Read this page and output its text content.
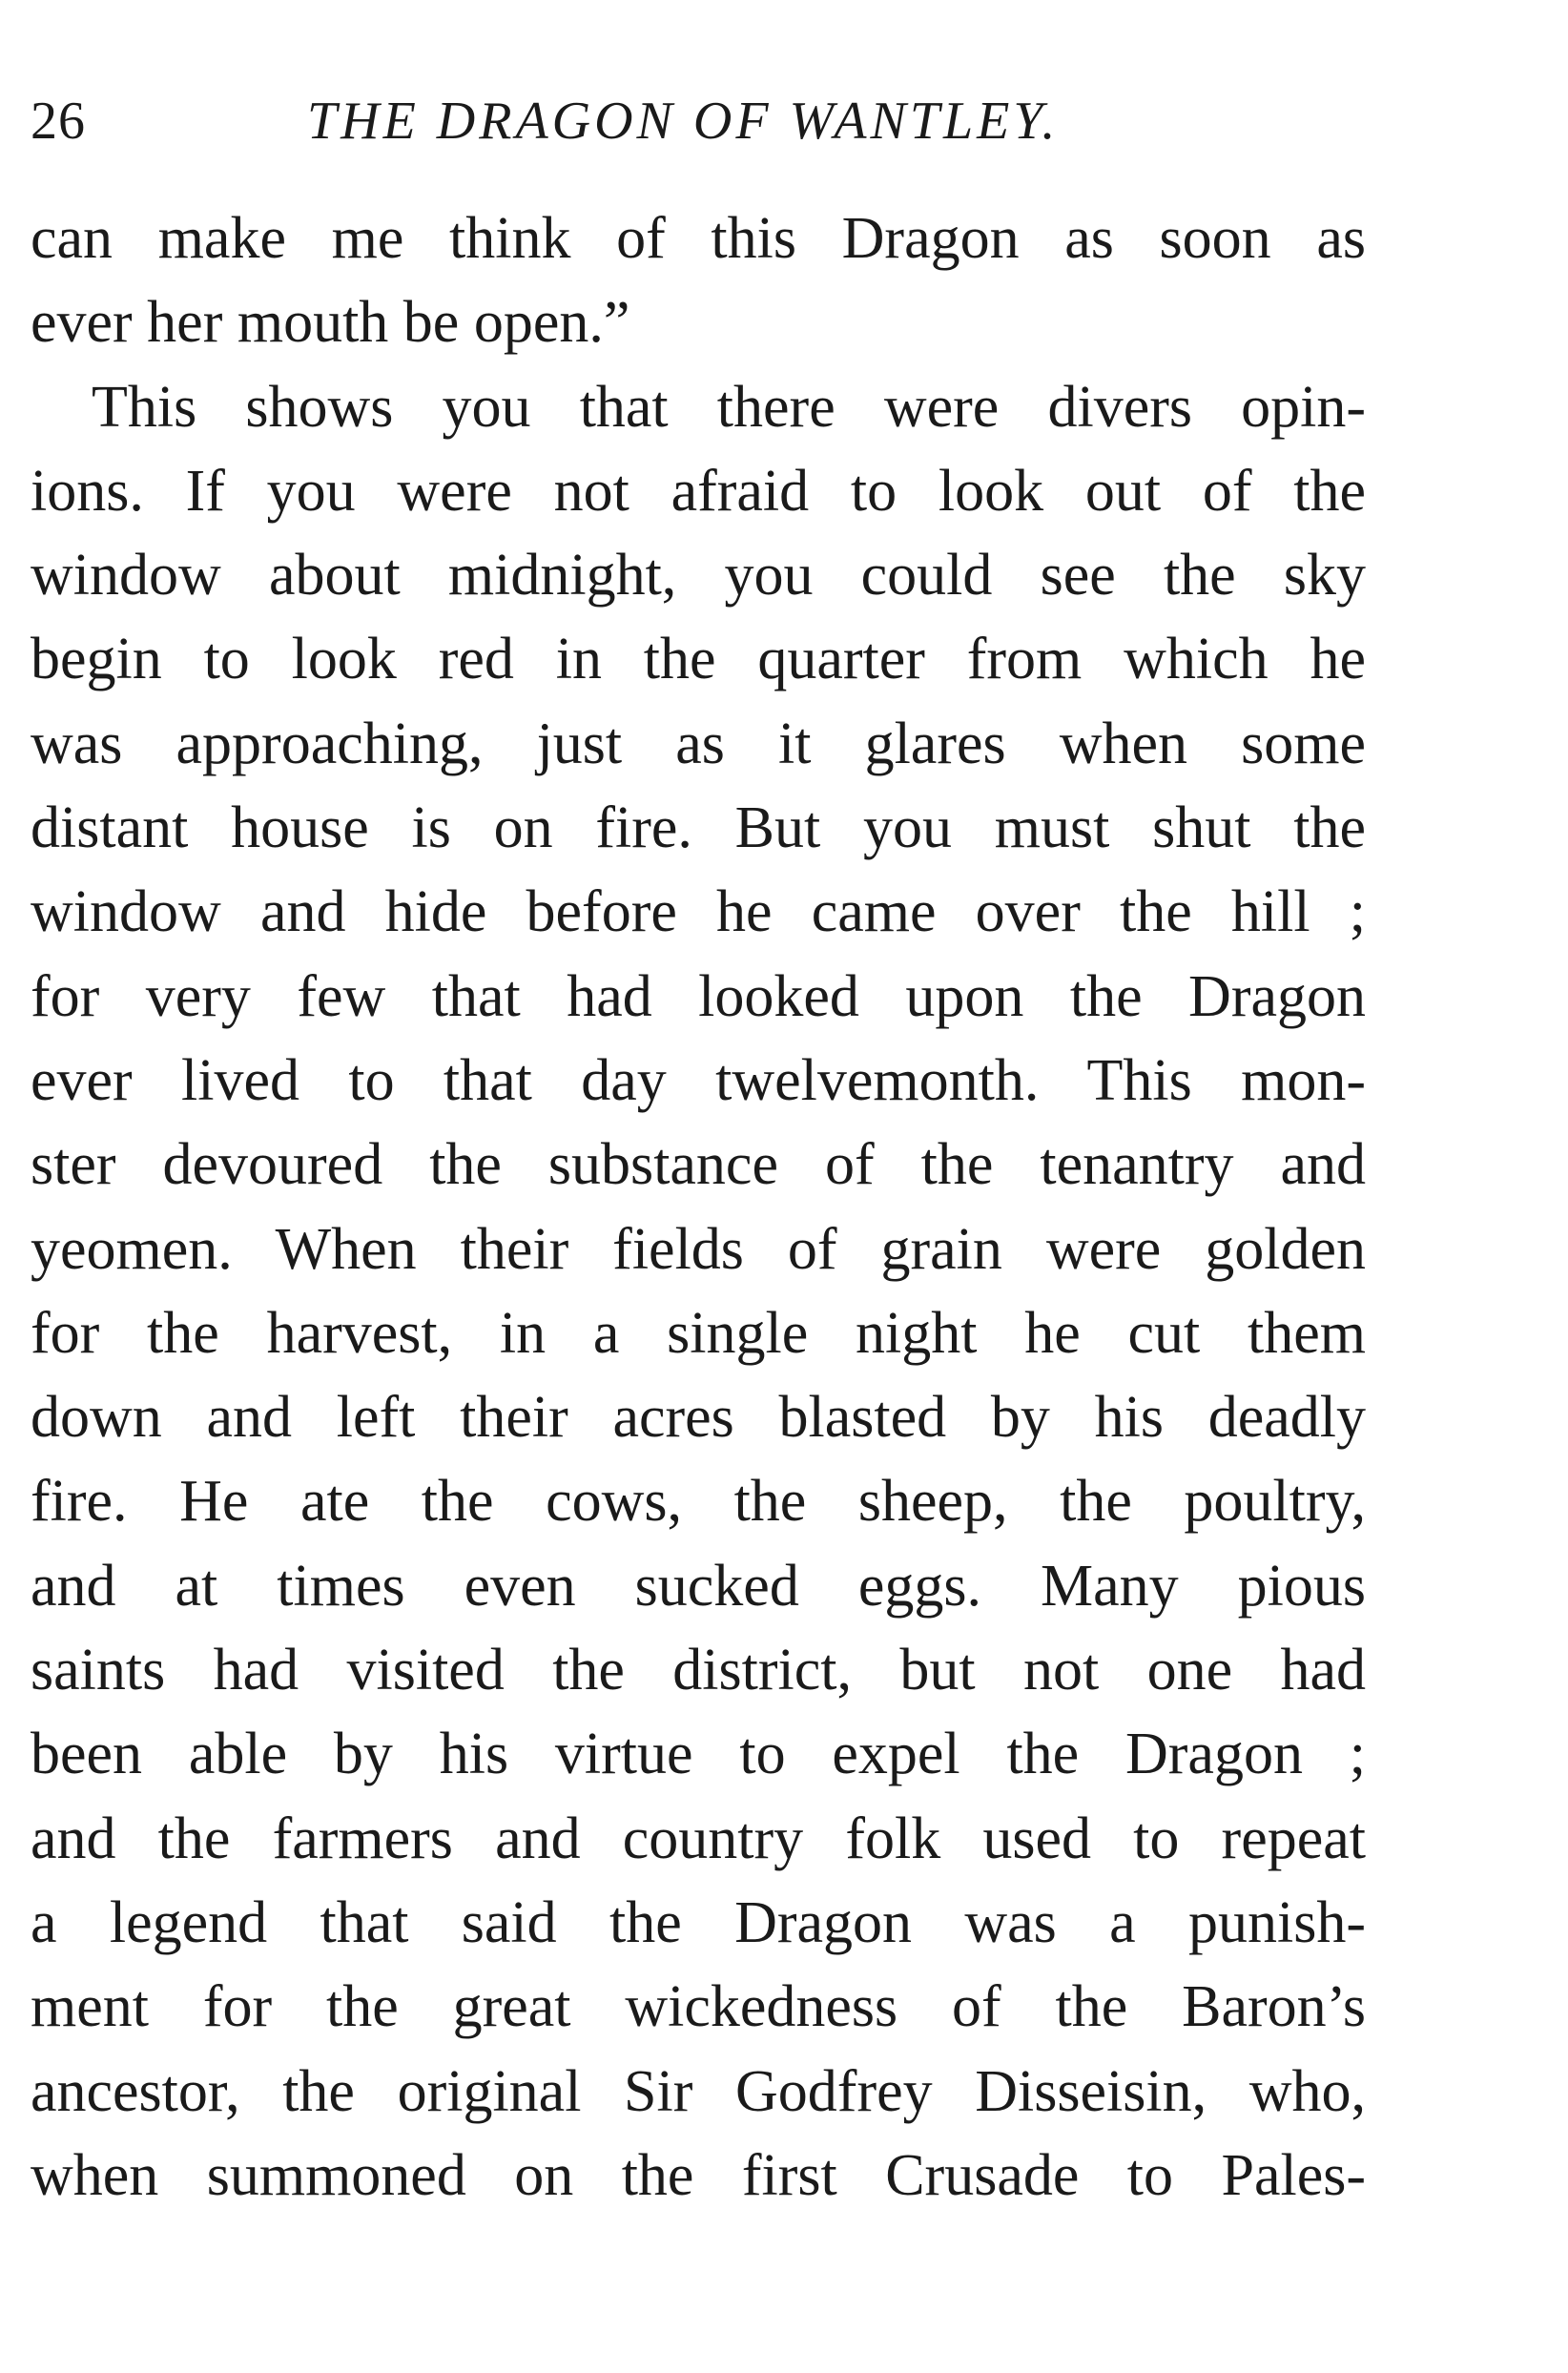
26	THE DRAGON OF WANTLEY.
can make me think of this Dragon as soon as
ever her mouth be open.”
This shows you that there were divers opin-
ions. If you were not afraid to look out of the
window about midnight, you could see the sky
begin to look red in the quarter from which he
was approaching, just as it glares when some
distant house is on fire. But you must shut the
window and hide before he came over the hill ;
for very few that had looked upon the Dragon
ever lived to that day twelvemonth. This mon-
ster devoured the substance of the tenantry and
yeomen. When their fields of grain were golden
for the harvest, in a single night he cut them
down and left their acres blasted by his deadly
fire. He ate the cows, the sheep, the poultry,
and at times even sucked eggs. Many pious
saints had visited the district, but not one had
been able by his virtue to expel the Dragon ;
and the farmers and country folk used to repeat
a legend that said the Dragon was a punish-
ment for the great wickedness of the Baron’s
ancestor, the original Sir Godfrey Disseisin, who,
when summoned on the first Crusade to Pales-
